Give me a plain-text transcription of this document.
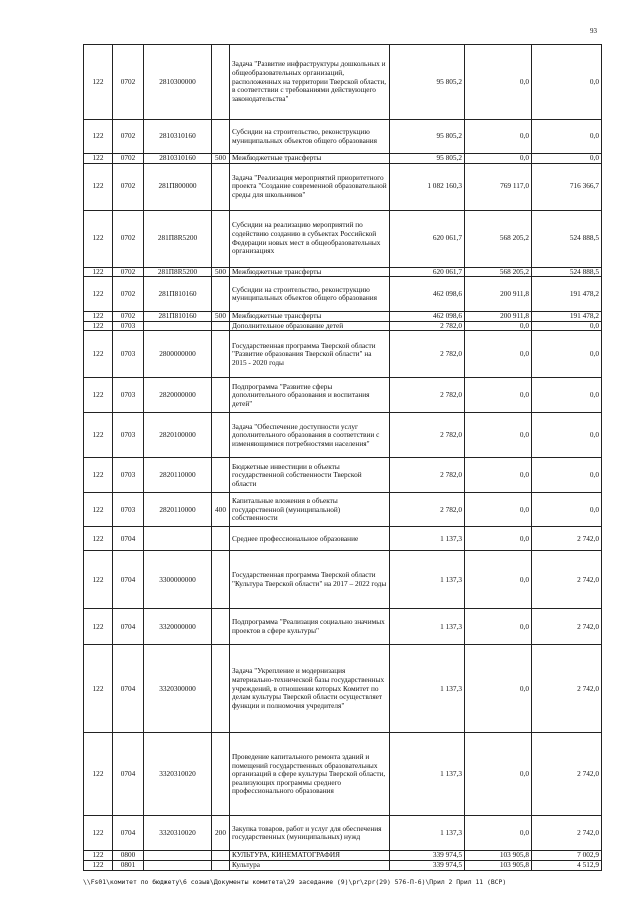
93
122	0702	2810300000		Задача "Развитие инфраструктуры дошкольных и общеобразовательных организаций, расположенных на территории Тверской области, в соответствии с требованиями действующего законодательства"	95 805,2	0,0	0,0
122	0702	2810310160		Субсидии на строительство, реконструкцию муниципальных объектов общего образования	95 805,2	0,0	0,0
122	0702	2810310160	500	Межбюджетные трансферты	95 805,2	0,0	0,0
122	0702	281П800000		Задача "Реализация мероприятий приоритетного проекта "Создание современной образовательной среды для школьников"	1 082 160,3	769 117,0	716 366,7
122	0702	281П8R5200		Субсидии на реализацию мероприятий по содействию созданию в субъектах Российской Федерации новых мест в общеобразовательных организациях	620 061,7	568 205,2	524 888,5
122	0702	281П8R5200	500	Межбюджетные трансферты	620 061,7	568 205,2	524 888,5
122	0702	281П810160		Субсидии на строительство, реконструкцию муниципальных объектов общего образования	462 098,6	200 911,8	191 478,2
122	0702	281П810160	500	Межбюджетные трансферты	462 098,6	200 911,8	191 478,2
122	0703			Дополнительное образование детей	2 782,0	0,0	0,0
122	0703	2800000000		Государственная программа Тверской области "Развитие образования Тверской области" на 2015 - 2020 годы	2 782,0	0,0	0,0
122	0703	2820000000		Подпрограмма "Развитие сферы дополнительного образования и воспитания детей"	2 782,0	0,0	0,0
122	0703	2820100000		Задача "Обеспечение доступности услуг дополнительного образования в соответствии с изменяющимися потребностями населения"	2 782,0	0,0	0,0
122	0703	2820110000		Бюджетные инвестиции в объекты государственной собственности Тверской области	2 782,0	0,0	0,0
122	0703	2820110000	400	Капитальные вложения в объекты государственной (муниципальной) собственности	2 782,0	0,0	0,0
122	0704			Среднее профессиональное образование	1 137,3	0,0	2 742,0
122	0704	3300000000		Государственная программа Тверской области "Культура Тверской области" на 2017 – 2022 годы	1 137,3	0,0	2 742,0
122	0704	3320000000		Подпрограмма "Реализация социально значимых проектов в сфере культуры"	1 137,3	0,0	2 742,0
122	0704	3320300000		Задача "Укрепление и модернизация материально-технической базы государственных учреждений, в отношении которых Комитет по делам культуры Тверской области осуществляет функции и полномочия учредителя"	1 137,3	0,0	2 742,0
122	0704	3320310020		Проведение капитального ремонта зданий и помещений государственных образовательных организаций в сфере культуры Тверской области, реализующих программы среднего профессионального образования	1 137,3	0,0	2 742,0
122	0704	3320310020	200	Закупка товаров, работ и услуг для обеспечения государственных (муниципальных) нужд	1 137,3	0,0	2 742,0
122	0800			КУЛЬТУРА, КИНЕМАТОГРАФИЯ	339 974,5	103 905,8	7 002,9
122	0801			Культура	339 974,5	103 905,8	4 512,9
\\Fs01\комитет по бюджету\6 созыв\Документы комитета\29 заседание (9)\pr\zpr(29) 576-П-6)\Прил 2 Прил 11 (ВСР)
